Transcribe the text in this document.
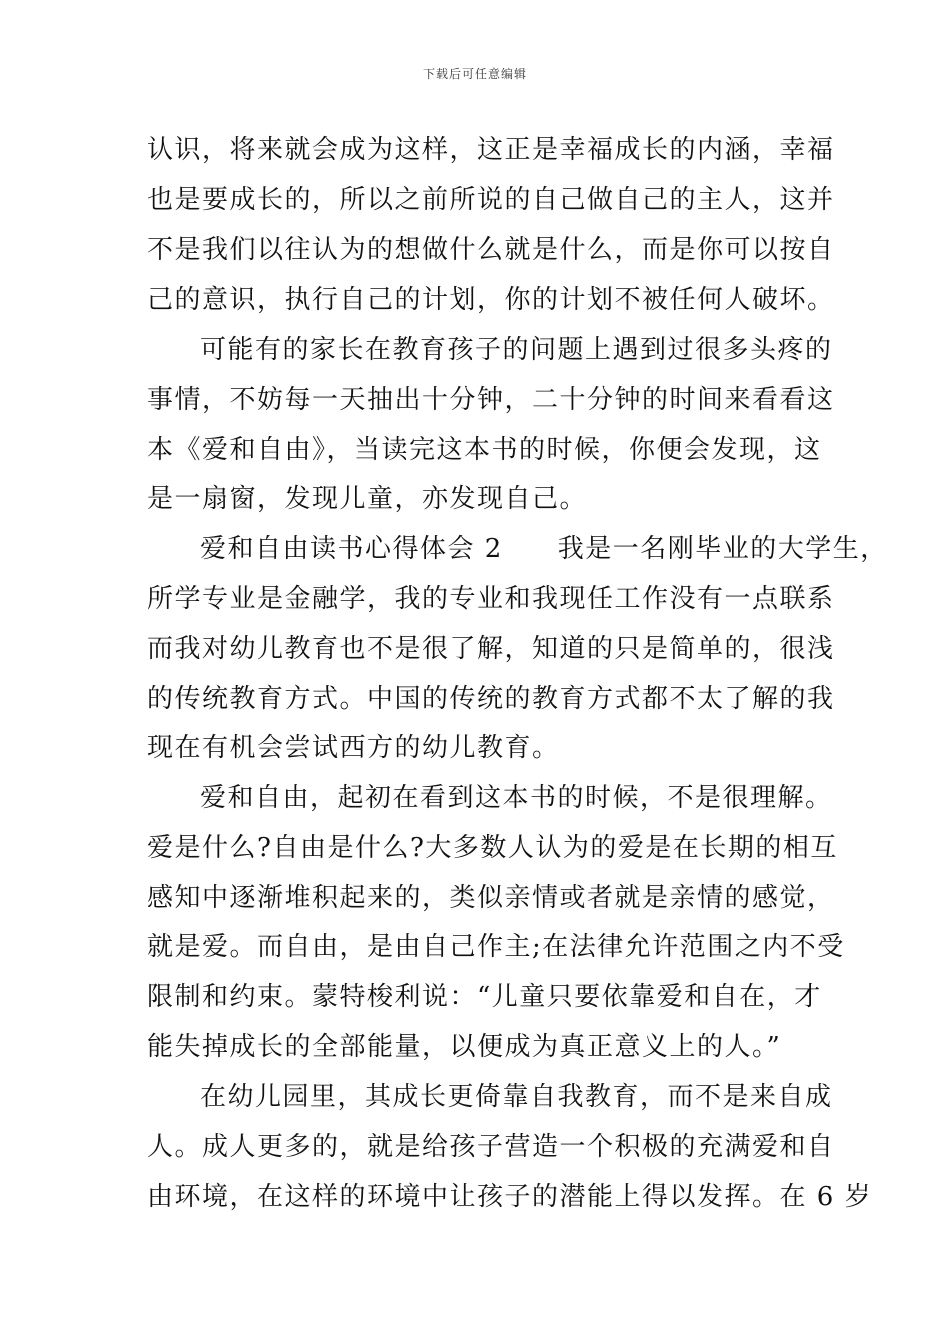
下载后可任意编辑
认识，将来就会成为这样，这正是幸福成长的内涵，幸福
也是要成长的，所以之前所说的自己做自己的主人，这并
不是我们以往认为的想做什么就是什么，而是你可以按自
己的意识，执行自己的计划，你的计划不被任何人破坏。
可能有的家长在教育孩子的问题上遇到过很多头疼的
事情，不妨每一天抽出十分钟，二十分钟的时间来看看这
本《爱和自由》，当读完这本书的时候，你便会发现，这
是一扇窗，发现儿童，亦发现自己。
爱和自由读书心得体会 2　　我是一名刚毕业的大学生，
所学专业是金融学，我的专业和我现任工作没有一点联系
而我对幼儿教育也不是很了解，知道的只是简单的，很浅
的传统教育方式。中国的传统的教育方式都不太了解的我
现在有机会尝试西方的幼儿教育。
爱和自由，起初在看到这本书的时候，不是很理解。
爱是什么?自由是什么?大多数人认为的爱是在长期的相互
感知中逐渐堆积起来的，类似亲情或者就是亲情的感觉，
就是爱。而自由，是由自己作主;在法律允许范围之内不受
限制和约束。蒙特梭利说：“儿童只要依靠爱和自在，才
能失掉成长的全部能量，以便成为真正意义上的人。”
在幼儿园里，其成长更倚靠自我教育，而不是来自成
人。成人更多的，就是给孩子营造一个积极的充满爱和自
由环境，在这样的环境中让孩子的潜能上得以发挥。在 6 岁
